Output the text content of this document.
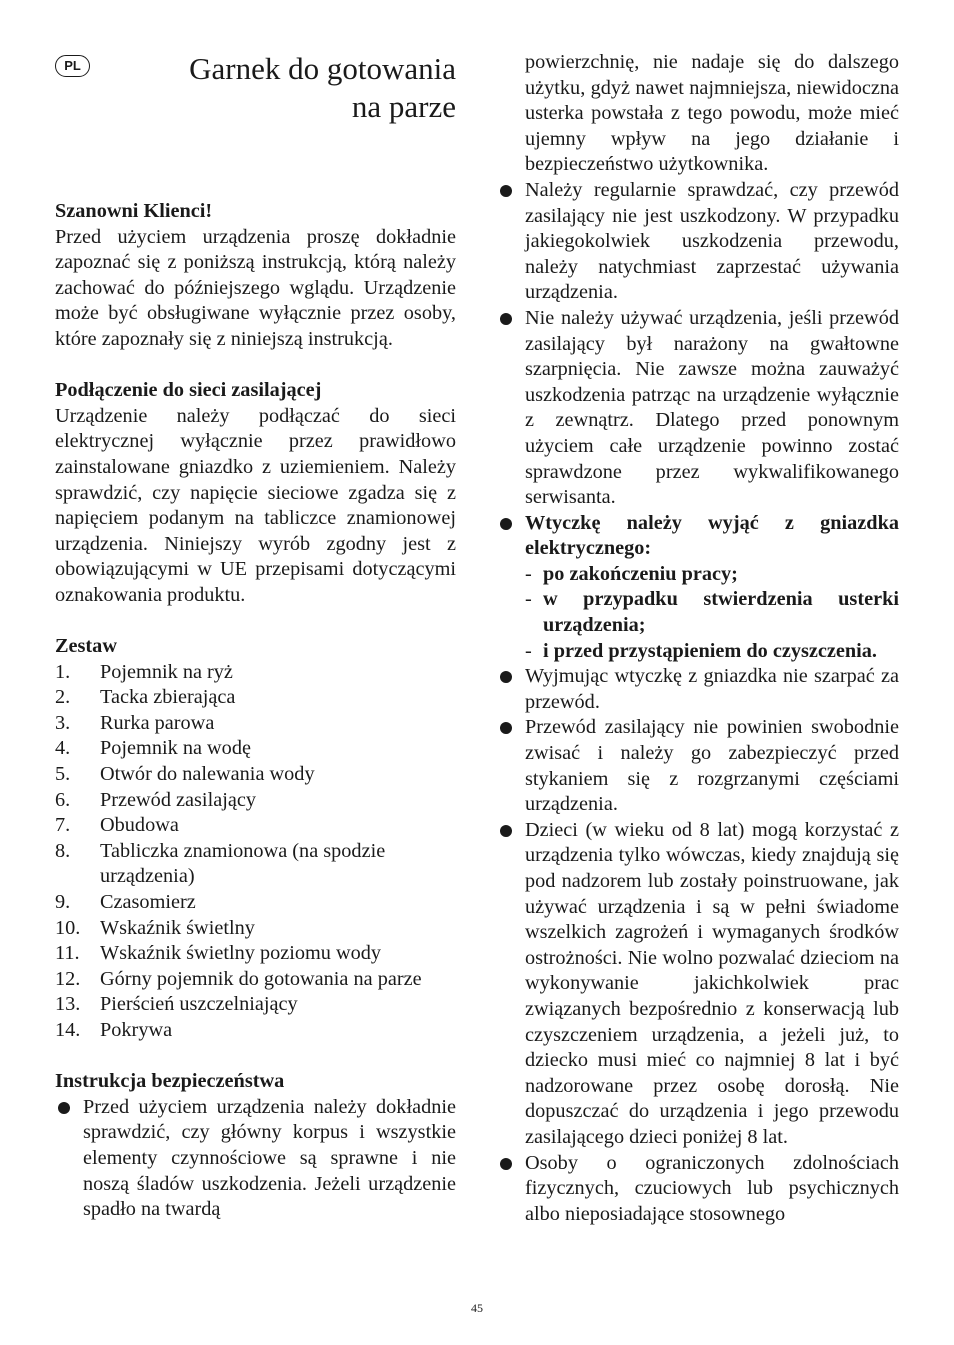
PL	Garnek do gotowania
na parze
Szanowni Klienci!

Przed użyciem urządzenia proszę dokładnie zapoznać się z poniższą instrukcją, którą należy zachować do późniejszego wglądu. Urządzenie może być obsługiwane wyłącznie przez osoby, które zapoznały się z niniejszą instrukcją.

Podłączenie do sieci zasilającej

Urządzenie należy podłączać do sieci elektrycznej wyłącznie przez prawidłowo zainstalowane gniazdko z uziemieniem. Należy sprawdzić, czy napięcie sieciowe zgadza się z napięciem podanym na tabliczce znamionowej urządzenia. Niniejszy wyrób zgodny jest z obowiązującymi w UE przepisami dotyczącymi oznakowania produktu.

Zestaw
1. Pojemnik na ryż
2. Tacka zbierająca
3. Rurka parowa
4. Pojemnik na wodę
5. Otwór do nalewania wody
6. Przewód zasilający
7. Obudowa
8. Tabliczka znamionowa (na spodzie urządzenia)
9. Czasomierz
10. Wskaźnik świetlny
11. Wskaźnik świetlny poziomu wody
12. Górny pojemnik do gotowania na parze
13. Pierścień uszczelniający
14. Pokrywa
Instrukcja bezpieczeństwa
Przed użyciem urządzenia należy dokładnie sprawdzić, czy główny korpus i wszystkie elementy czynnościowe są sprawne i nie noszą śladów uszkodzenia. Jeżeli urządzenie spadło na twardą

powierzchnię, nie nadaje się do dalszego użytku, gdyż nawet najmniejsza, niewidoczna usterka powstała z tego powodu, może mieć ujemny wpływ na jego działanie i bezpieczeństwo użytkownika.

Należy regularnie sprawdzać, czy przewód zasilający nie jest uszkodzony. W przypadku jakiegokolwiek uszkodzenia przewodu, należy natychmiast zaprzestać używania urządzenia.
Nie należy używać urządzenia, jeśli przewód zasilający był narażony na gwałtowne szarpnięcia. Nie zawsze można zauważyć uszkodzenia patrząc na urządzenie wyłącznie z zewnątrz. Dlatego przed ponownym użyciem całe urządzenie powinno zostać sprawdzone przez wykwalifikowanego serwisanta.
Wtyczkę należy wyjąć z gniazdka elektrycznego:
- po zakończeniu pracy;
- w przypadku stwierdzenia usterki urządzenia;
- i przed przystąpieniem do czyszczenia.
Wyjmując wtyczkę z gniazdka nie szarpać za przewód.
Przewód zasilający nie powinien swobodnie zwisać i należy go zabezpieczyć przed stykaniem się z rozgrzanymi częściami urządzenia.
Dzieci (w wieku od 8 lat) mogą korzystać z urządzenia tylko wówczas, kiedy znajdują się pod nadzorem lub zostały poinstruowane, jak używać urządzenia i są w pełni świadome wszelkich zagrożeń i wymaganych środków ostrożności. Nie wolno pozwalać dzieciom na wykonywanie jakichkolwiek prac związanych bezpośrednio z konserwacją lub czyszczeniem urządzenia, a jeżeli już, to dziecko musi mieć co najmniej 8 lat i być nadzorowane przez osobę dorosłą. Nie dopuszczać do urządzenia i jego przewodu zasilającego dzieci poniżej 8 lat.
Osoby o ograniczonych zdolnościach fizycznych, czuciowych lub psychicznych albo nieposiadające stosownego
45
